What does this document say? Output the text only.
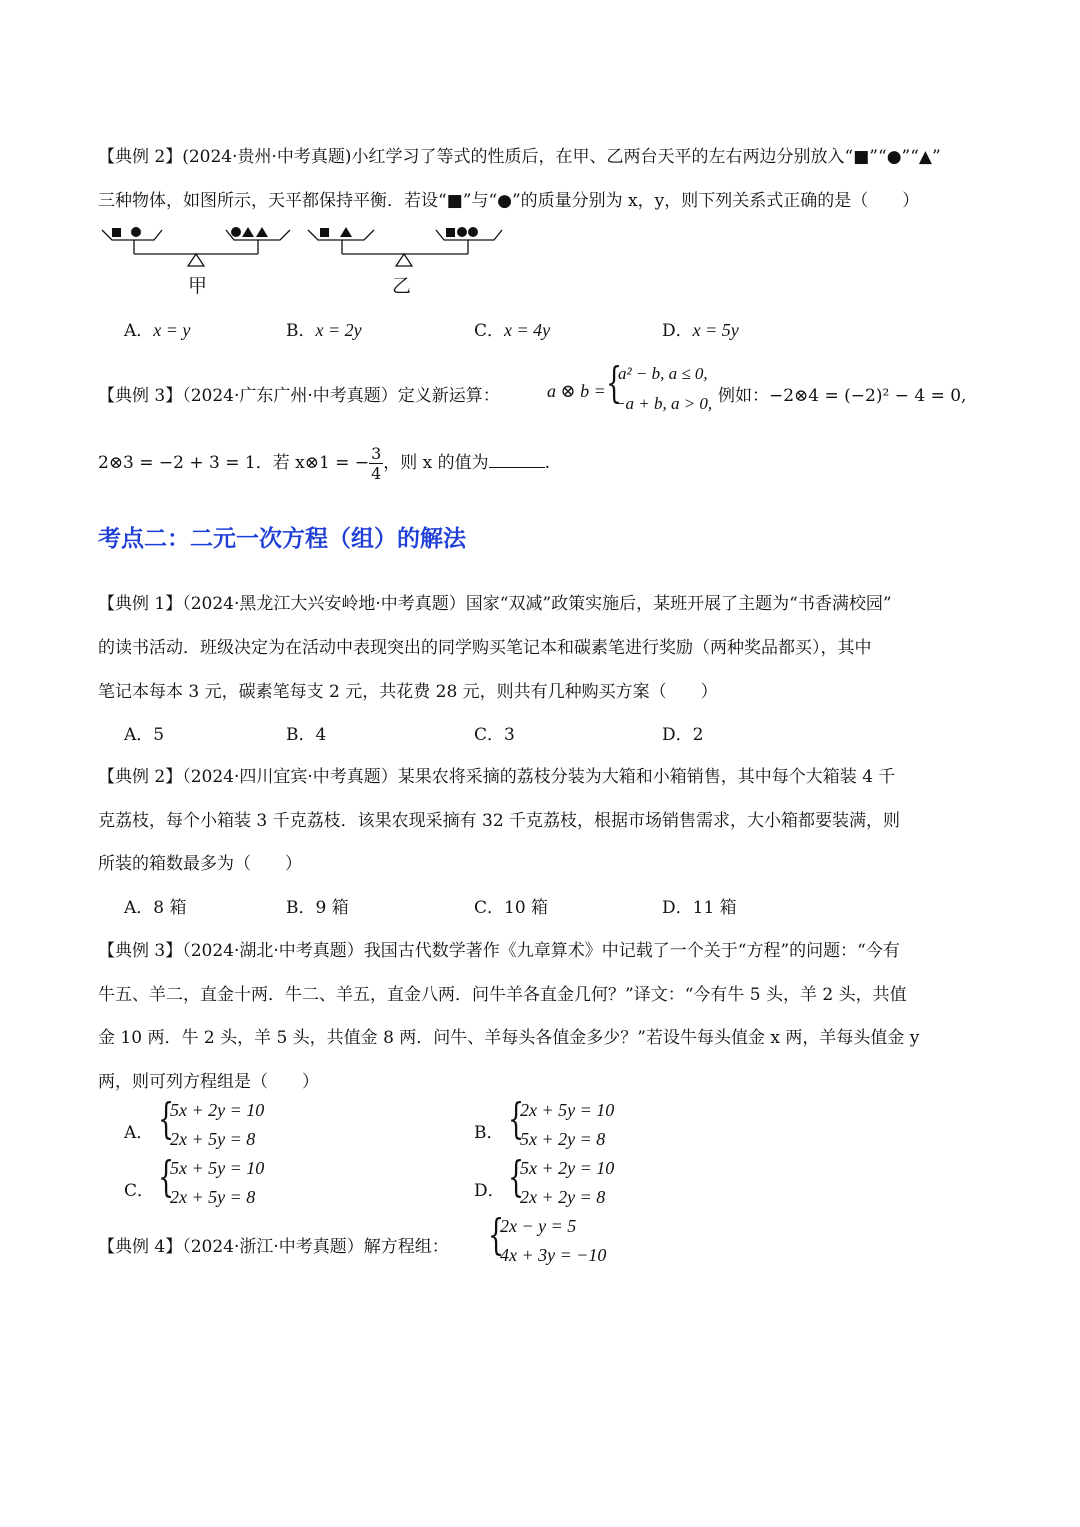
【典例 2】(2024·贵州·中考真题)小红学习了等式的性质后，在甲、乙两台天平的左右两边分别放入“■”“●”“▲”
三种物体，如图所示，天平都保持平衡．若设“■”与“●”的质量分别为 x，y，则下列关系式正确的是（　　）
甲	乙
A．x = y	B．x = 2y	C．x = 4y	D．x = 5y
【典例 3】（2024·广东广州·中考真题）定义新运算：	a ⊗ b = {
a² − b, a ≤ 0,
−a + b, a > 0, 例如：−2⊗4 = (−2)² − 4 = 0,
2⊗3 = −2 + 3 = 1．若 x⊗1 = − $\frac{3}{4}$ ，则 x 的值为	.
考点二：二元一次方程（组）的解法
【典例 1】（2024·黑龙江大兴安岭地·中考真题）国家“双减”政策实施后，某班开展了主题为“书香满校园”
的读书活动．班级决定为在活动中表现突出的同学购买笔记本和碳素笔进行奖励（两种奖品都买），其中
笔记本每本 3 元，碳素笔每支 2 元，共花费 28 元，则共有几种购买方案（　　）
A．5	B．4	C．3	D．2
【典例 2】（2024·四川宜宾·中考真题）某果农将采摘的荔枝分装为大箱和小箱销售，其中每个大箱装 4 千
克荔枝，每个小箱装 3 千克荔枝．该果农现采摘有 32 千克荔枝，根据市场销售需求，大小箱都要装满，则
所装的箱数最多为（　　）
A．8 箱	B．9 箱	C．10 箱	D．11 箱
【典例 3】（2024·湖北·中考真题）我国古代数学著作《九章算术》中记载了一个关于“方程”的问题：“今有
牛五、羊二，直金十两．牛二、羊五，直金八两．问牛羊各直金几何？”译文：“今有牛 5 头，羊 2 头，共值
金 10 两．牛 2 头，羊 5 头，共值金 8 两．问牛、羊每头各值金多少？”若设牛每头值金 x 两，羊每头值金 y
两，则可列方程组是（　　）
A． {
5x + 2y = 10
2x + 5y = 8	B． {
2x + 5y = 10
5x + 2y = 8
C． {
5x + 5y = 10
2x + 5y = 8	D． {
5x + 2y = 10
2x + 2y = 8
【典例 4】（2024·浙江·中考真题）解方程组： {
2x − y = 5
4x + 3y = −10
